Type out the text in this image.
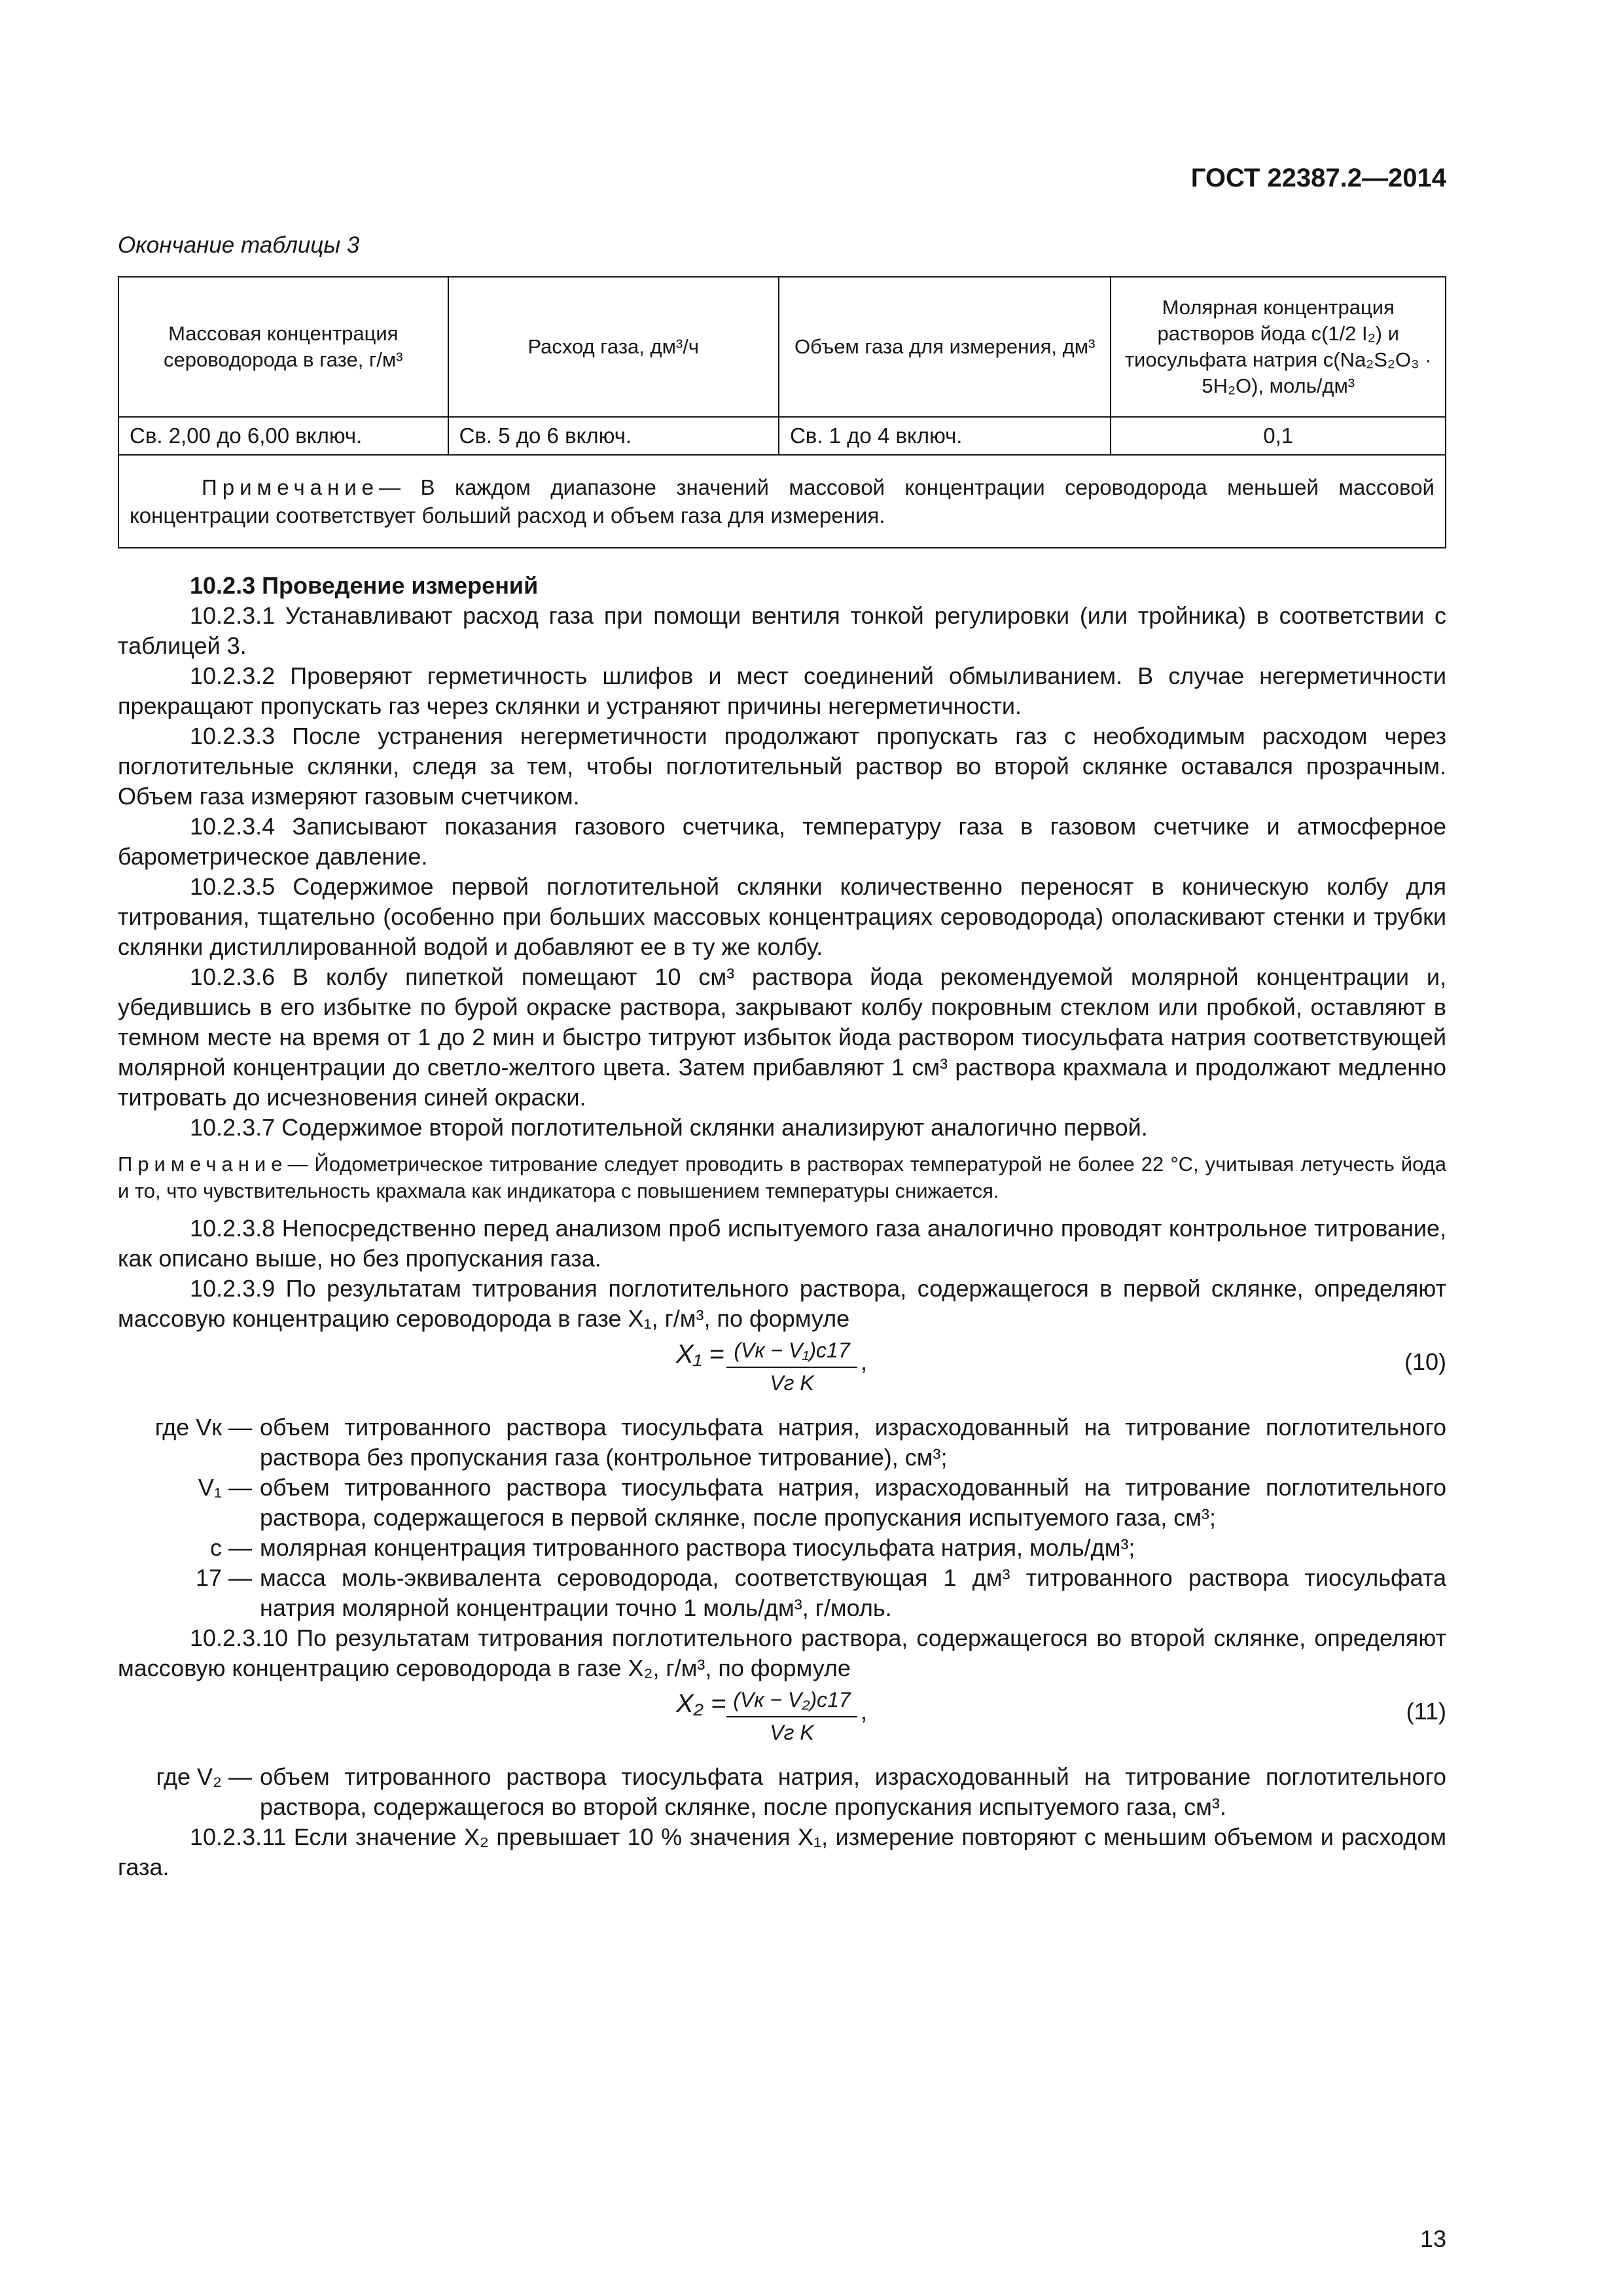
ГОСТ 22387.2—2014
Окончание таблицы 3
Массовая концентрация сероводорода в газе, г/м³	Расход газа, дм³/ч	Объем газа для измерения, дм³	Молярная концентрация растворов йода c(1/2 I₂) и тиосульфата натрия c(Na₂S₂O₃ · 5H₂O), моль/дм³
Св. 2,00 до 6,00 включ.	Св. 5 до 6 включ.	Св. 1 до 4 включ.	0,1
Примечание— В каждом диапазоне значений массовой концентрации сероводорода меньшей массовой концентрации соответствует больший расход и объем газа для измерения.			

10.2.3 Проведение измерений

10.2.3.1 Устанавливают расход газа при помощи вентиля тонкой регулировки (или тройника) в соответствии с таблицей 3.

10.2.3.2 Проверяют герметичность шлифов и мест соединений обмыливанием. В случае негерметичности прекращают пропускать газ через склянки и устраняют причины негерметичности.

10.2.3.3 После устранения негерметичности продолжают пропускать газ с необходимым расходом через поглотительные склянки, следя за тем, чтобы поглотительный раствор во второй склянке оставался прозрачным. Объем газа измеряют газовым счетчиком.

10.2.3.4 Записывают показания газового счетчика, температуру газа в газовом счетчике и атмосферное барометрическое давление.

10.2.3.5 Содержимое первой поглотительной склянки количественно переносят в коническую колбу для титрования, тщательно (особенно при больших массовых концентрациях сероводорода) ополаскивают стенки и трубки склянки дистиллированной водой и добавляют ее в ту же колбу.

10.2.3.6 В колбу пипеткой помещают 10 см³ раствора йода рекомендуемой молярной концентрации и, убедившись в его избытке по бурой окраске раствора, закрывают колбу покровным стеклом или пробкой, оставляют в темном месте на время от 1 до 2 мин и быстро титруют избыток йода раствором тиосульфата натрия соответствующей молярной концентрации до светло-желтого цвета. Затем прибавляют 1 см³ раствора крахмала и продолжают медленно титровать до исчезновения синей окраски.

10.2.3.7 Содержимое второй поглотительной склянки анализируют аналогично первой.

Примечание— Йодометрическое титрование следует проводить в растворах температурой не более 22 °C, учитывая летучесть йода и то, что чувствительность крахмала как индикатора с повышением температуры снижается.

10.2.3.8 Непосредственно перед анализом проб испытуемого газа аналогично проводят контрольное титрование, как описано выше, но без пропускания газа.

10.2.3.9 По результатам титрования поглотительного раствора, содержащегося в первой склянке, определяют массовую концентрацию сероводорода в газе X₁, г/м³, по формуле

X₁ = (Vк − V₁)c17
Vг K
,	(10)
где Vк — объем титрованного раствора тиосульфата натрия, израсходованный на титрование поглотительного раствора без пропускания газа (контрольное титрование), см³;
V₁ — объем титрованного раствора тиосульфата натрия, израсходованный на титрование поглотительного раствора, содержащегося в первой склянке, после пропускания испытуемого газа, см³;
c — молярная концентрация титрованного раствора тиосульфата натрия, моль/дм³;
17 — масса моль-эквивалента сероводорода, соответствующая 1 дм³ титрованного раствора тиосульфата натрия молярной концентрации точно 1 моль/дм³, г/моль.

10.2.3.10 По результатам титрования поглотительного раствора, содержащегося во второй склянке, определяют массовую концентрацию сероводорода в газе X₂, г/м³, по формуле

X₂ = (Vк − V₂)c17
Vг K
,	(11)
где V₂ — объем титрованного раствора тиосульфата натрия, израсходованный на титрование поглотительного раствора, содержащегося во второй склянке, после пропускания испытуемого газа, см³.

10.2.3.11 Если значение X₂ превышает 10 % значения X₁, измерение повторяют с меньшим объемом и расходом газа.

13
